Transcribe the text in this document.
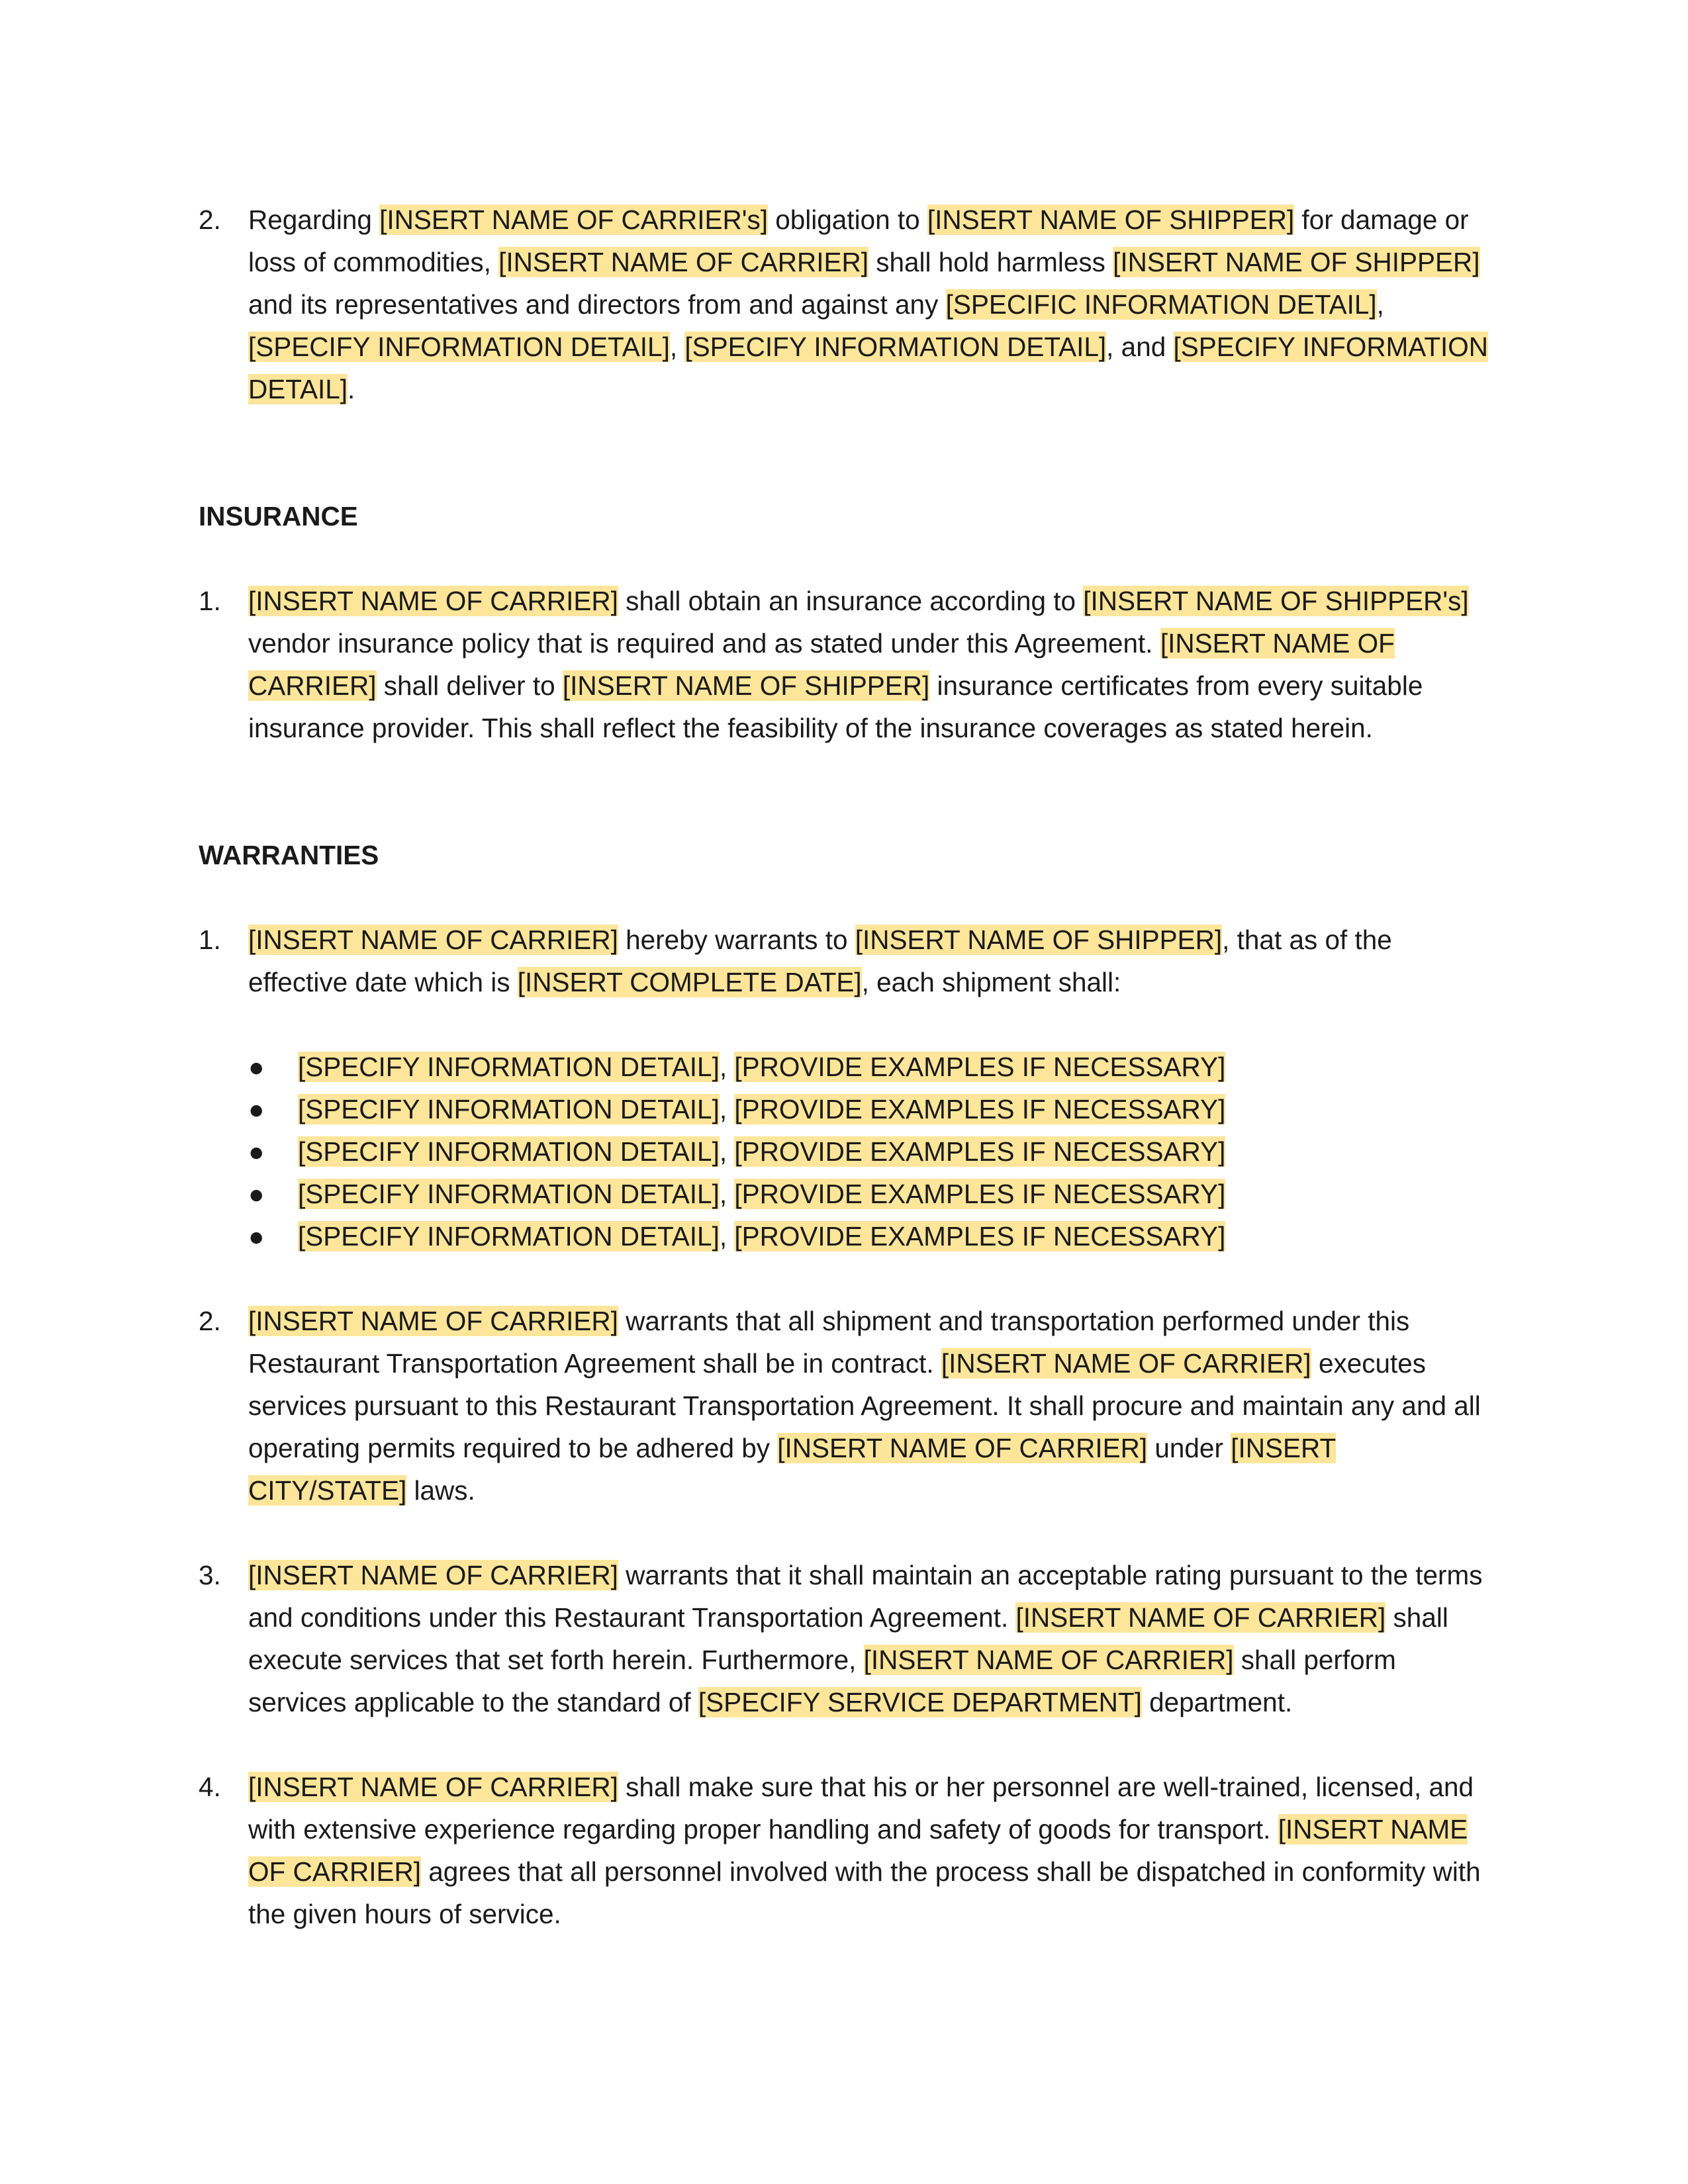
2. Regarding [INSERT NAME OF CARRIER's] obligation to [INSERT NAME OF SHIPPER] for damage or loss of commodities, [INSERT NAME OF CARRIER] shall hold harmless [INSERT NAME OF SHIPPER] and its representatives and directors from and against any [SPECIFIC INFORMATION DETAIL], [SPECIFY INFORMATION DETAIL], [SPECIFY INFORMATION DETAIL], and [SPECIFY INFORMATION DETAIL].
INSURANCE
1. [INSERT NAME OF CARRIER] shall obtain an insurance according to [INSERT NAME OF SHIPPER's] vendor insurance policy that is required and as stated under this Agreement. [INSERT NAME OF CARRIER] shall deliver to [INSERT NAME OF SHIPPER] insurance certificates from every suitable insurance provider. This shall reflect the feasibility of the insurance coverages as stated herein.
WARRANTIES
1. [INSERT NAME OF CARRIER] hereby warrants to [INSERT NAME OF SHIPPER], that as of the effective date which is [INSERT COMPLETE DATE], each shipment shall:
● [SPECIFY INFORMATION DETAIL], [PROVIDE EXAMPLES IF NECESSARY]
● [SPECIFY INFORMATION DETAIL], [PROVIDE EXAMPLES IF NECESSARY]
● [SPECIFY INFORMATION DETAIL], [PROVIDE EXAMPLES IF NECESSARY]
● [SPECIFY INFORMATION DETAIL], [PROVIDE EXAMPLES IF NECESSARY]
● [SPECIFY INFORMATION DETAIL], [PROVIDE EXAMPLES IF NECESSARY]
2. [INSERT NAME OF CARRIER] warrants that all shipment and transportation performed under this Restaurant Transportation Agreement shall be in contract. [INSERT NAME OF CARRIER] executes services pursuant to this Restaurant Transportation Agreement. It shall procure and maintain any and all operating permits required to be adhered by [INSERT NAME OF CARRIER] under [INSERT CITY/STATE] laws.
3. [INSERT NAME OF CARRIER] warrants that it shall maintain an acceptable rating pursuant to the terms and conditions under this Restaurant Transportation Agreement. [INSERT NAME OF CARRIER] shall execute services that set forth herein. Furthermore, [INSERT NAME OF CARRIER] shall perform services applicable to the standard of [SPECIFY SERVICE DEPARTMENT] department.
4. [INSERT NAME OF CARRIER] shall make sure that his or her personnel are well-trained, licensed, and with extensive experience regarding proper handling and safety of goods for transport. [INSERT NAME OF CARRIER] agrees that all personnel involved with the process shall be dispatched in conformity with the given hours of service.
